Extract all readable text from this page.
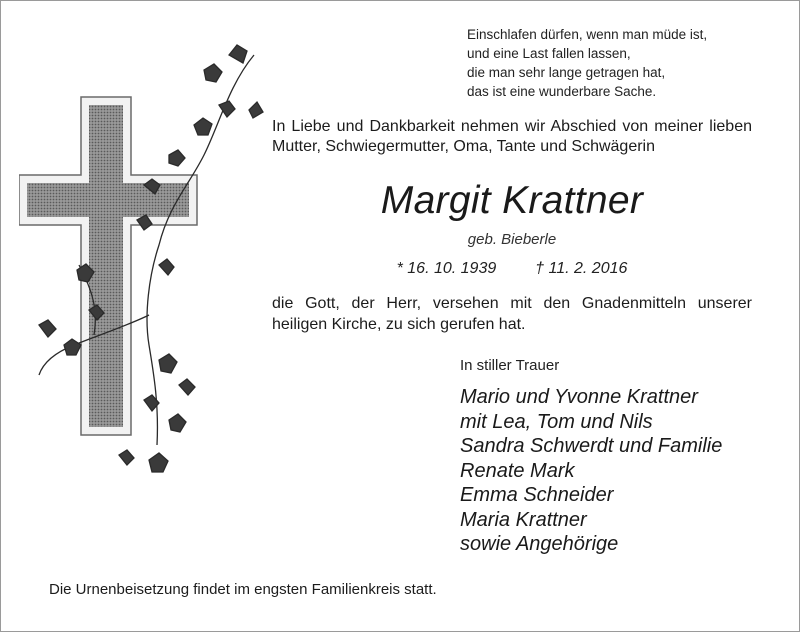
Einschlafen dürfen, wenn man müde ist,
und eine Last fallen lassen,
die man sehr lange getragen hat,
das ist eine wunderbare Sache.
In Liebe und Dankbarkeit nehmen wir Abschied von meiner lieben Mutter, Schwiegermutter, Oma, Tante und Schwägerin
Margit Krattner
geb. Bieberle
* 16. 10. 1939 † 11. 2. 2016
die Gott, der Herr, versehen mit den Gnadenmitteln unserer heiligen Kirche, zu sich gerufen hat.
In stiller Trauer
Mario und Yvonne Krattner
mit Lea, Tom und Nils
Sandra Schwerdt und Familie
Renate Mark
Emma Schneider
Maria Krattner
sowie Angehörige
Die Urnenbeisetzung findet im engsten Familienkreis statt.
